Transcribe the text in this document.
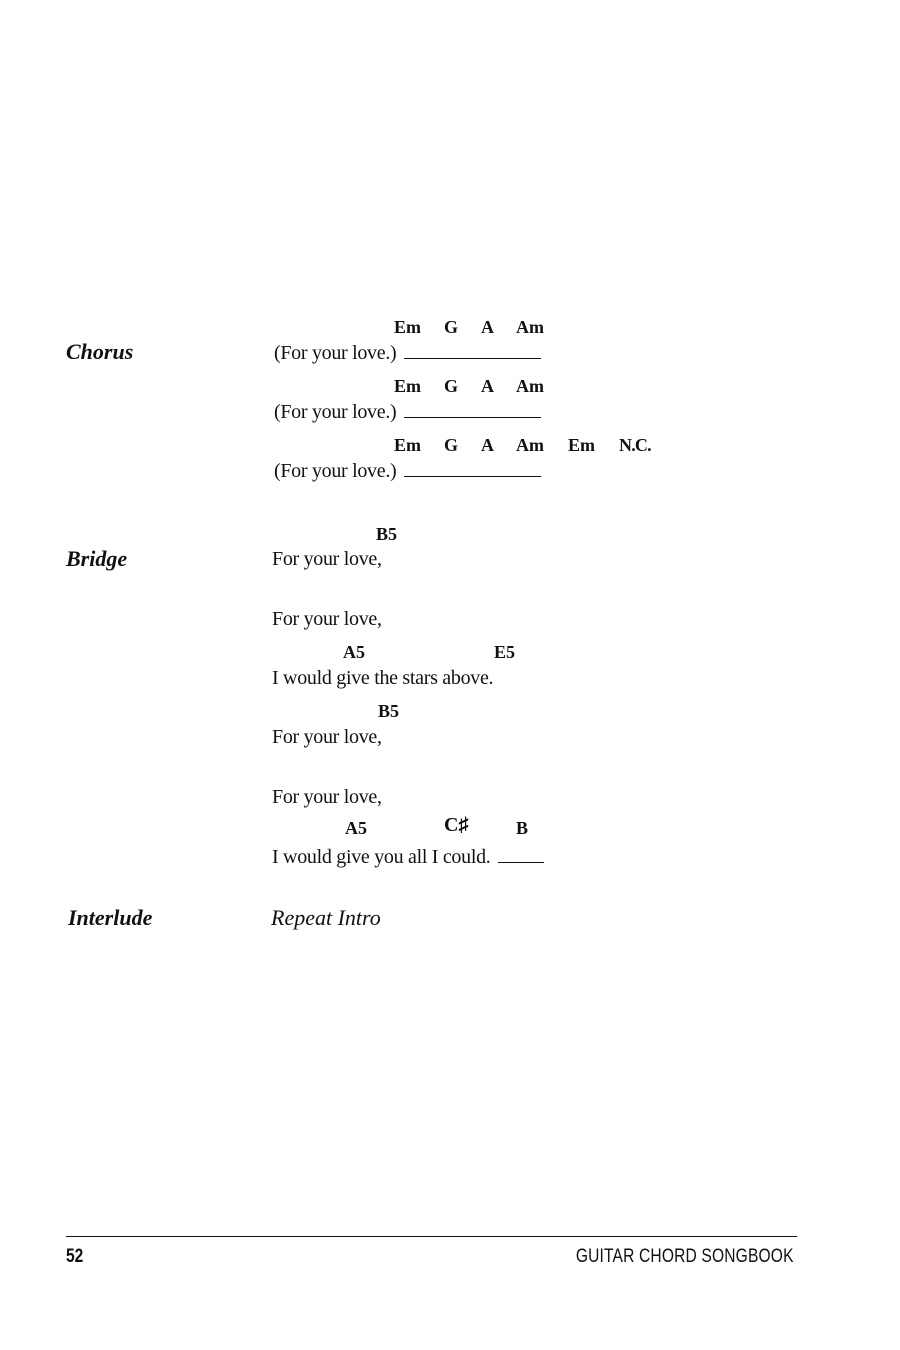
Chorus
Em G A Am
(For your love.)
Em G A Am
(For your love.)
Em G A Am Em N.C.
(For your love.)
Bridge
B5
For your love,
For your love,
A5	E5
I would give the stars above.
B5
For your love,
For your love,
A5	C♯	B
I would give you all I could.
Interlude	Repeat Intro
52	GUITAR CHORD SONGBOOK
